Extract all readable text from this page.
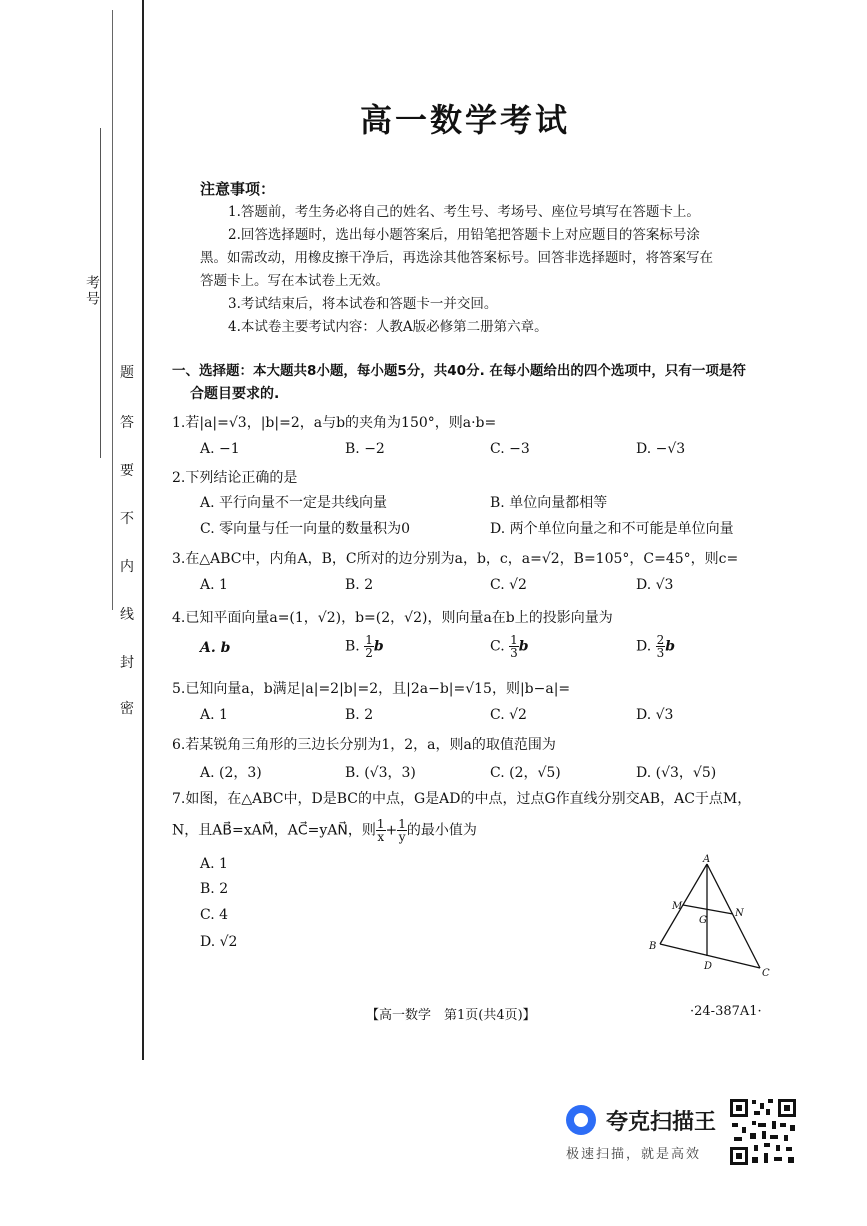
考号
题
答
要
不
内
线
封
密
高一数学考试
注意事项：
1.答题前，考生务必将自己的姓名、考生号、考场号、座位号填写在答题卡上。
2.回答选择题时，选出每小题答案后，用铅笔把答题卡上对应题目的答案标号涂
黑。如需改动，用橡皮擦干净后，再选涂其他答案标号。回答非选择题时，将答案写在
答题卡上。写在本试卷上无效。
3.考试结束后，将本试卷和答题卡一并交回。
4.本试卷主要考试内容：人教A版必修第二册第六章。
一、选择题：本大题共8小题，每小题5分，共40分. 在每小题给出的四个选项中，只有一项是符
合题目要求的.
1.若|a|=√3，|b|=2，a与b的夹角为150°，则a·b=
A. −1	B. −2	C. −3	D. −√3
2.下列结论正确的是
A. 平行向量不一定是共线向量	B. 单位向量都相等
C. 零向量与任一向量的数量积为0	D. 两个单位向量之和不可能是单位向量
3.在△ABC中，内角A，B，C所对的边分别为a，b，c，a=√2，B=105°，C=45°，则c=
A. 1	B. 2	C. √2	D. √3
4.已知平面向量a=(1，√2)，b=(2，√2)，则向量a在b上的投影向量为
A. b	B. $\frac{1}{2}$ b	C. $\frac{1}{3}$ b	D. $\frac{2}{3}$ b
5.已知向量a，b满足|a|=2|b|=2，且|2a−b|=√15，则|b−a|=
A. 1	B. 2	C. √2	D. √3
6.若某锐角三角形的三边长分别为1，2，a，则a的取值范围为
A. (2，3)	B. (√3，3)	C. (2，√5)	D. (√3，√5)
7.如图，在△ABC中，D是BC的中点，G是AD的中点，过点G作直线分别交AB，AC于点M，
N，且AB⃗=xAM⃗，AC⃗=yAN⃗，则 $\frac{1}{x} + \frac{1}{y}$ 的最小值为
A. 1
B. 2
C. 4
D. √2
A
M
G
N
B
D
C
【高一数学　第1页(共4页)】	·24-387A1·
夸克扫描王
极速扫描，就是高效
